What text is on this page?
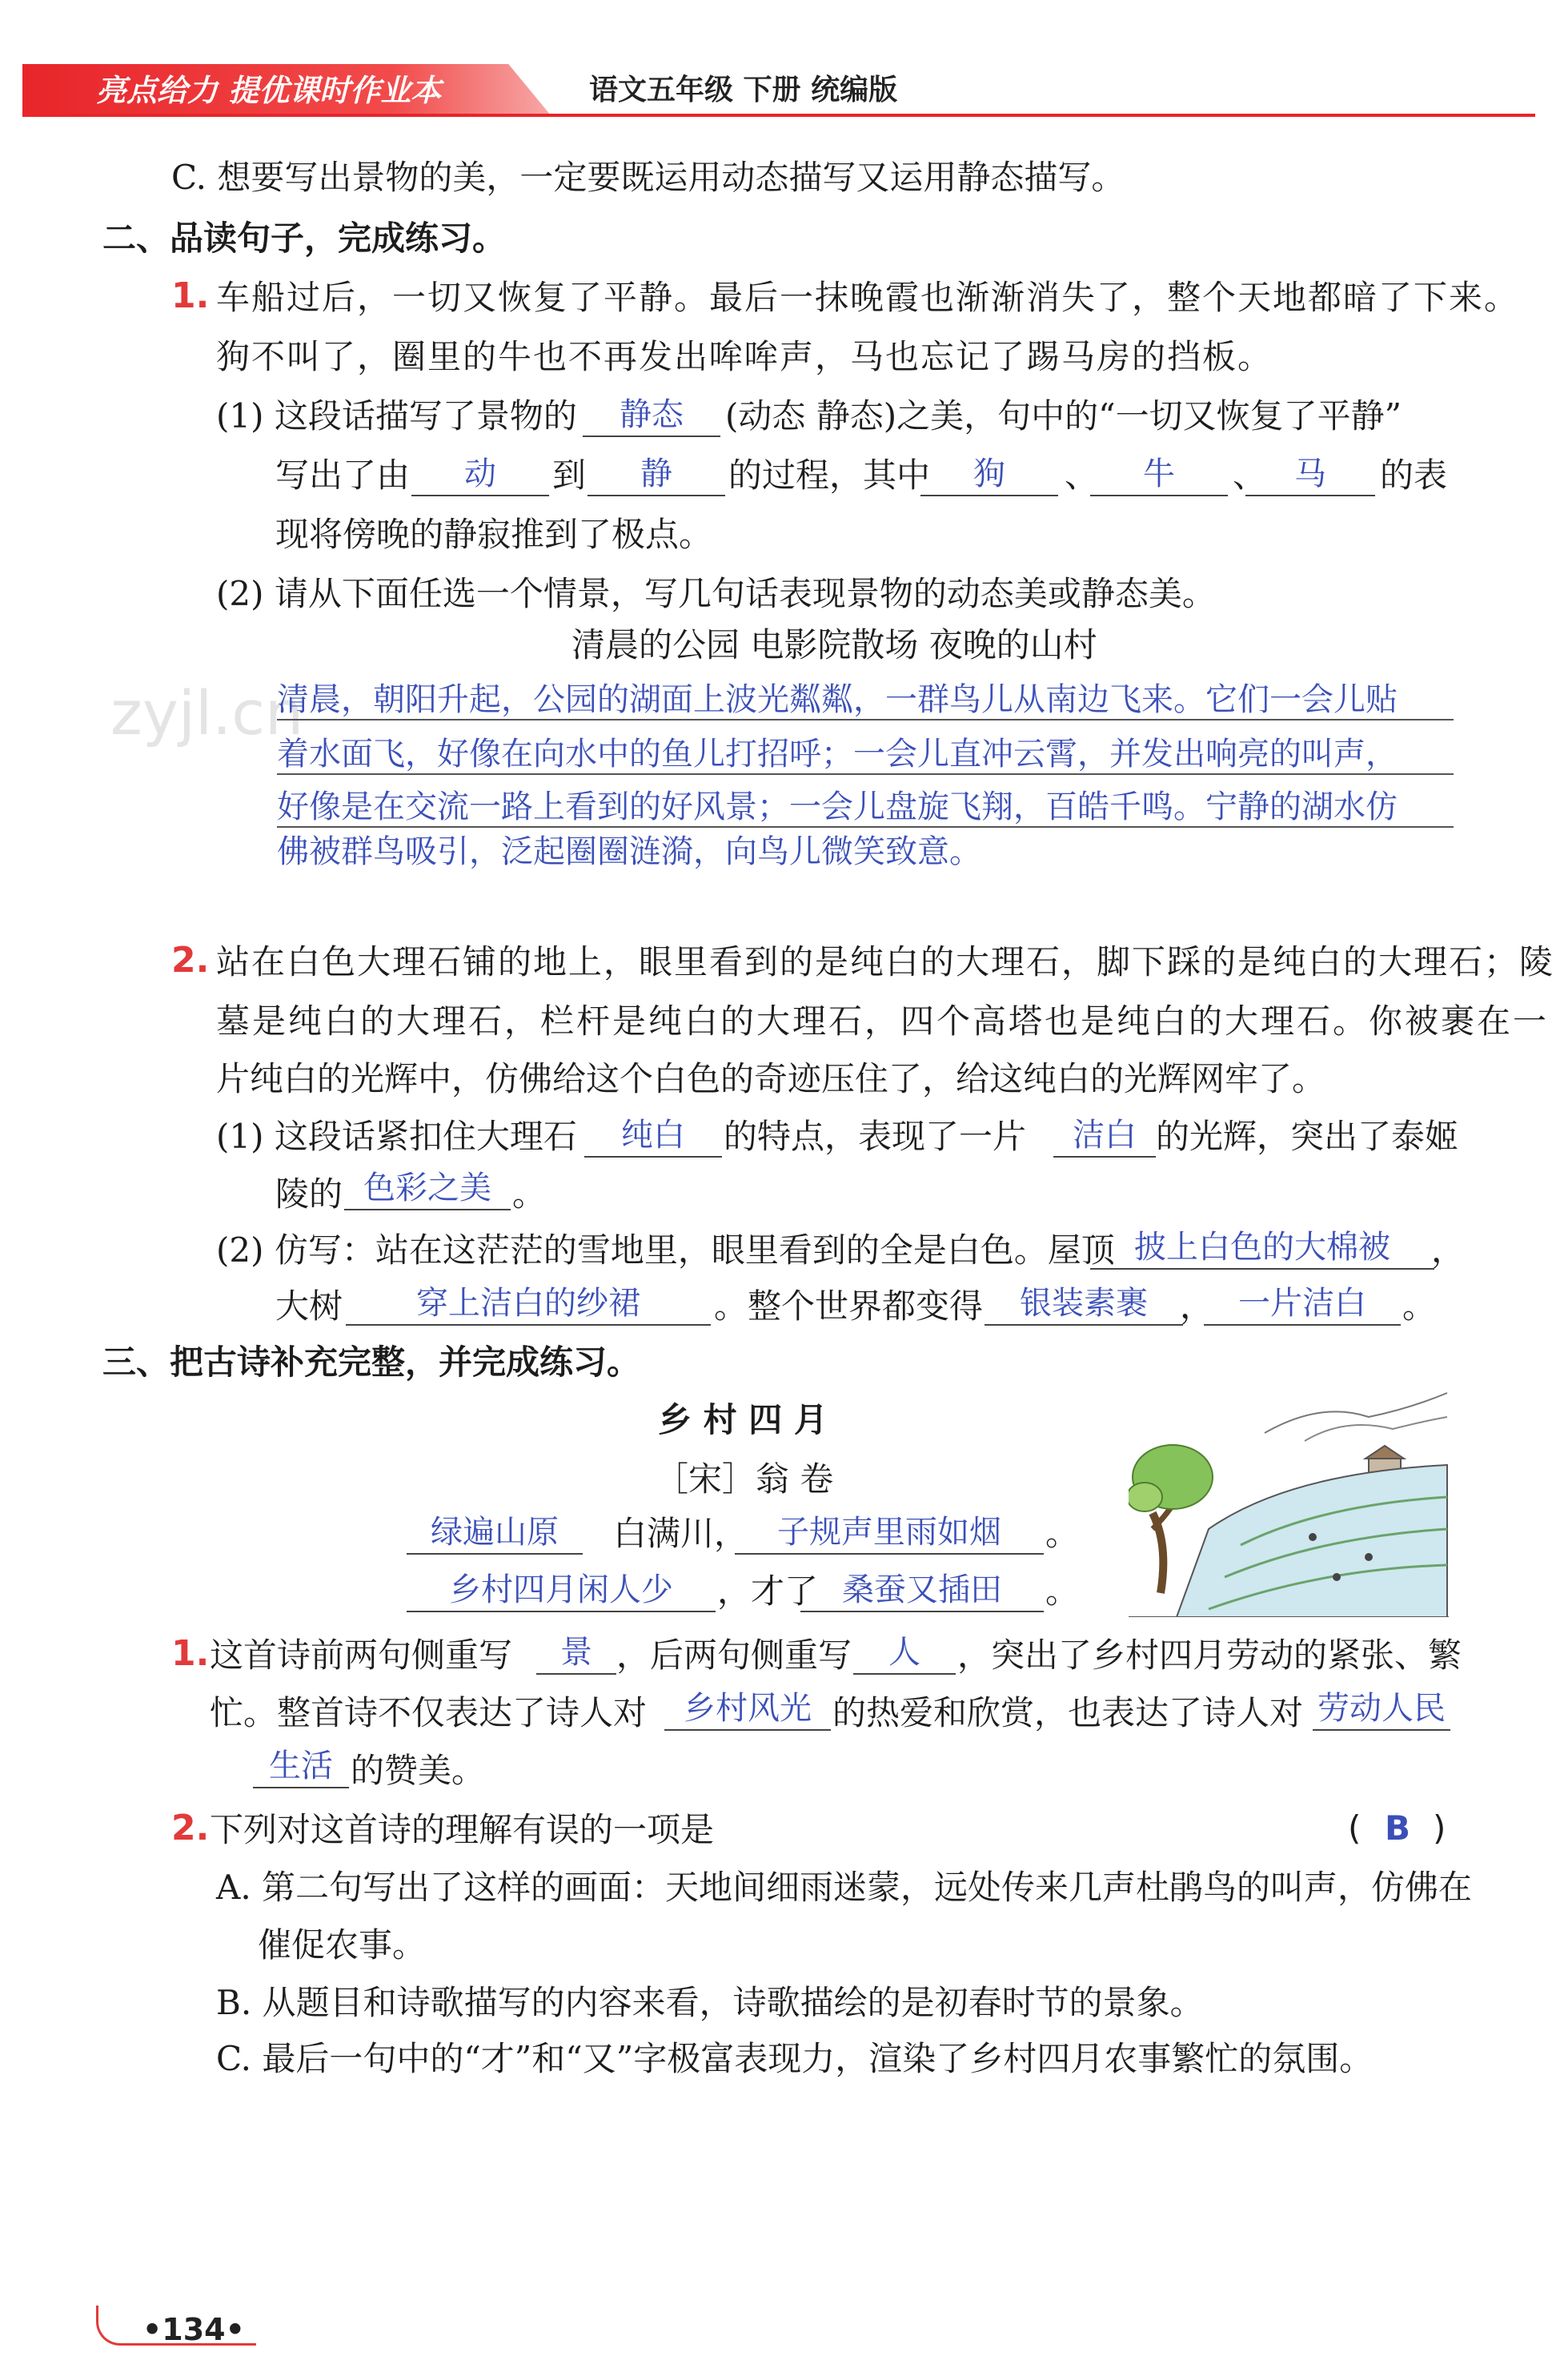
亮点给力 提优课时作业本	语文五年级 下册 统编版
zyjl.cn
C. 想要写出景物的美，一定要既运用动态描写又运用静态描写。
二、品读句子，完成练习。
1. 车船过后，一切又恢复了平静。最后一抹晚霞也渐渐消失了，整个天地都暗了下来。
狗不叫了，圈里的牛也不再发出哞哞声，马也忘记了踢马房的挡板。
(1) 这段话描写了景物的	静态	(动态 静态)之美，句中的“一切又恢复了平静”
写出了由	动	到	静	的过程，其中	狗	、	牛	、 马	的表
现将傍晚的静寂推到了极点。
(2) 请从下面任选一个情景，写几句话表现景物的动态美或静态美。
清晨的公园 电影院散场 夜晚的山村
清晨，朝阳升起，公园的湖面上波光粼粼，一群鸟儿从南边飞来。它们一会儿贴
着水面飞，好像在向水中的鱼儿打招呼；一会儿直冲云霄，并发出响亮的叫声，
好像是在交流一路上看到的好风景；一会儿盘旋飞翔，百皓千鸣。宁静的湖水仿
佛被群鸟吸引，泛起圈圈涟漪，向鸟儿微笑致意。
2. 站在白色大理石铺的地上，眼里看到的是纯白的大理石，脚下踩的是纯白的大理石；陵
墓是纯白的大理石，栏杆是纯白的大理石，四个高塔也是纯白的大理石。你被裹在一
片纯白的光辉中，仿佛给这个白色的奇迹压住了，给这纯白的光辉网牢了。
(1) 这段话紧扣住大理石	纯白	的特点，表现了一片	洁白 的光辉，突出了泰姬
陵的 色彩之美 。
(2) 仿写：站在这茫茫的雪地里，眼里看到的全是白色。屋顶 披上白色的大棉被	，
大树	穿上洁白的纱裙	。整个世界都变得	银装素裹 ， 一片洁白	。
三、把古诗补充完整，并完成练习。
乡 村 四 月
［宋］翁 卷
绿遍山原	白满川， 子规声里雨如烟	。
乡村四月闲人少	，才了 桑蚕又插田	。
1. 这首诗前两句侧重写	景 ，后两句侧重写	人	，突出了乡村四月劳动的紧张、繁
忙。整首诗不仅表达了诗人对	乡村风光 的热爱和欣赏，也表达了诗人对 劳动人民
生活 的赞美。
2. 下列对这首诗的理解有误的一项是	( B )
A. 第二句写出了这样的画面：天地间细雨迷蒙，远处传来几声杜鹃鸟的叫声，仿佛在
催促农事。
B. 从题目和诗歌描写的内容来看，诗歌描绘的是初春时节的景象。
C. 最后一句中的“才”和“又”字极富表现力，渲染了乡村四月农事繁忙的氛围。
•134•
